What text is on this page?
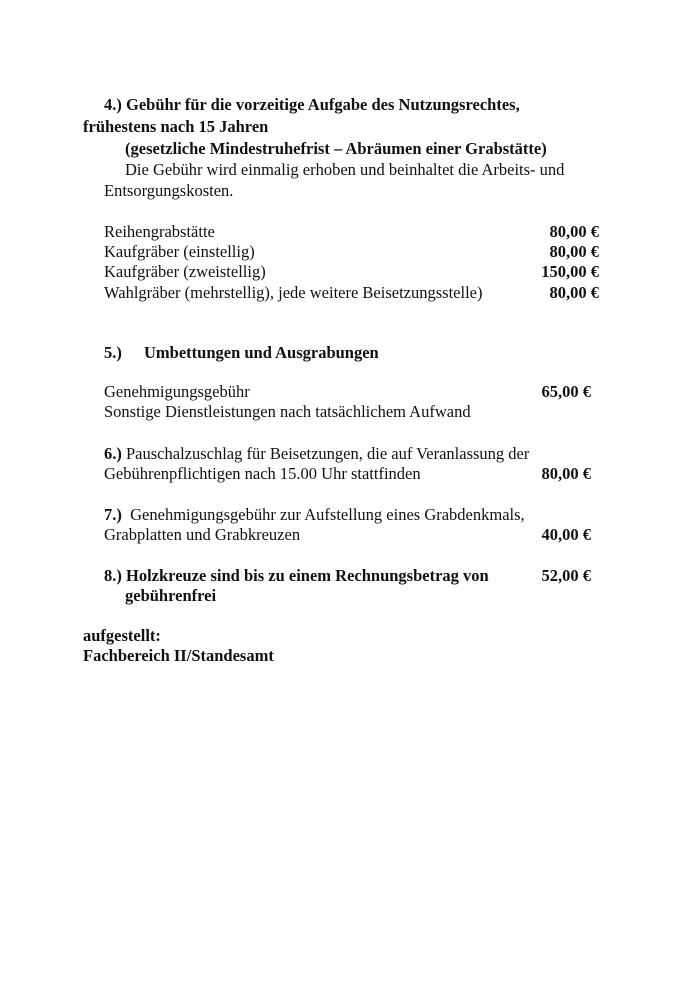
4.) Gebühr für die vorzeitige Aufgabe des Nutzungsrechtes,
frühestens nach 15 Jahren
(gesetzliche Mindestruhefrist – Abräumen einer Grabstätte)
Die Gebühr wird einmalig erhoben und beinhaltet die Arbeits- und
Entsorgungskosten.
Reihengrabstätte	80,00 €
Kaufgräber (einstellig)	80,00 €
Kaufgräber (zweistellig)	150,00 €
Wahlgräber (mehrstellig), jede weitere Beisetzungsstelle)	80,00 €
5.) Umbettungen und Ausgrabungen
Genehmigungsgebühr	65,00 €
Sonstige Dienstleistungen nach tatsächlichem Aufwand
6.) Pauschalzuschlag für Beisetzungen, die auf Veranlassung der
Gebührenpflichtigen nach 15.00 Uhr stattfinden	80,00 €
7.) Genehmigungsgebühr zur Aufstellung eines Grabdenkmals,
Grabplatten und Grabkreuzen	40,00 €
8.) Holzkreuze sind bis zu einem Rechnungsbetrag von	52,00 €
gebührenfrei
aufgestellt:
Fachbereich II/Standesamt
